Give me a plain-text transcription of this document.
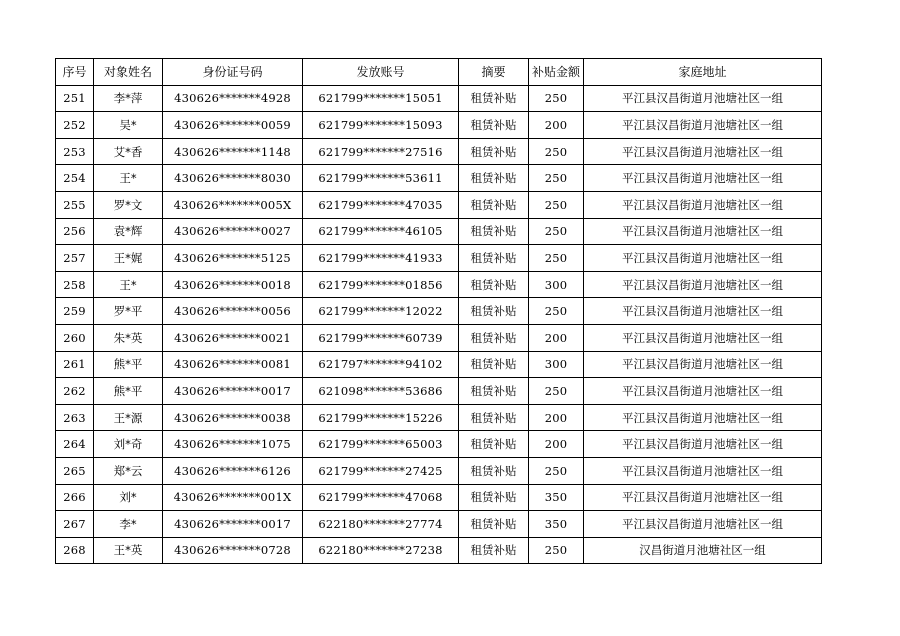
序号	对象姓名	身份证号码	发放账号	摘要	补贴金额	家庭地址
251	李*萍	430626*******4928	621799*******15051	租赁补贴	250	平江县汉昌街道月池塘社区一组
252	吴*	430626*******0059	621799*******15093	租赁补贴	200	平江县汉昌街道月池塘社区一组
253	艾*香	430626*******1148	621799*******27516	租赁补贴	250	平江县汉昌街道月池塘社区一组
254	王*	430626*******8030	621799*******53611	租赁补贴	250	平江县汉昌街道月池塘社区一组
255	罗*文	430626*******005X	621799*******47035	租赁补贴	250	平江县汉昌街道月池塘社区一组
256	袁*辉	430626*******0027	621799*******46105	租赁补贴	250	平江县汉昌街道月池塘社区一组
257	王*娓	430626*******5125	621799*******41933	租赁补贴	250	平江县汉昌街道月池塘社区一组
258	王*	430626*******0018	621799*******01856	租赁补贴	300	平江县汉昌街道月池塘社区一组
259	罗*平	430626*******0056	621799*******12022	租赁补贴	250	平江县汉昌街道月池塘社区一组
260	朱*英	430626*******0021	621799*******60739	租赁补贴	200	平江县汉昌街道月池塘社区一组
261	熊*平	430626*******0081	621797*******94102	租赁补贴	300	平江县汉昌街道月池塘社区一组
262	熊*平	430626*******0017	621098*******53686	租赁补贴	250	平江县汉昌街道月池塘社区一组
263	王*源	430626*******0038	621799*******15226	租赁补贴	200	平江县汉昌街道月池塘社区一组
264	刘*奇	430626*******1075	621799*******65003	租赁补贴	200	平江县汉昌街道月池塘社区一组
265	郑*云	430626*******6126	621799*******27425	租赁补贴	250	平江县汉昌街道月池塘社区一组
266	刘*	430626*******001X	621799*******47068	租赁补贴	350	平江县汉昌街道月池塘社区一组
267	李*	430626*******0017	622180*******27774	租赁补贴	350	平江县汉昌街道月池塘社区一组
268	王*英	430626*******0728	622180*******27238	租赁补贴	250	汉昌街道月池塘社区一组
